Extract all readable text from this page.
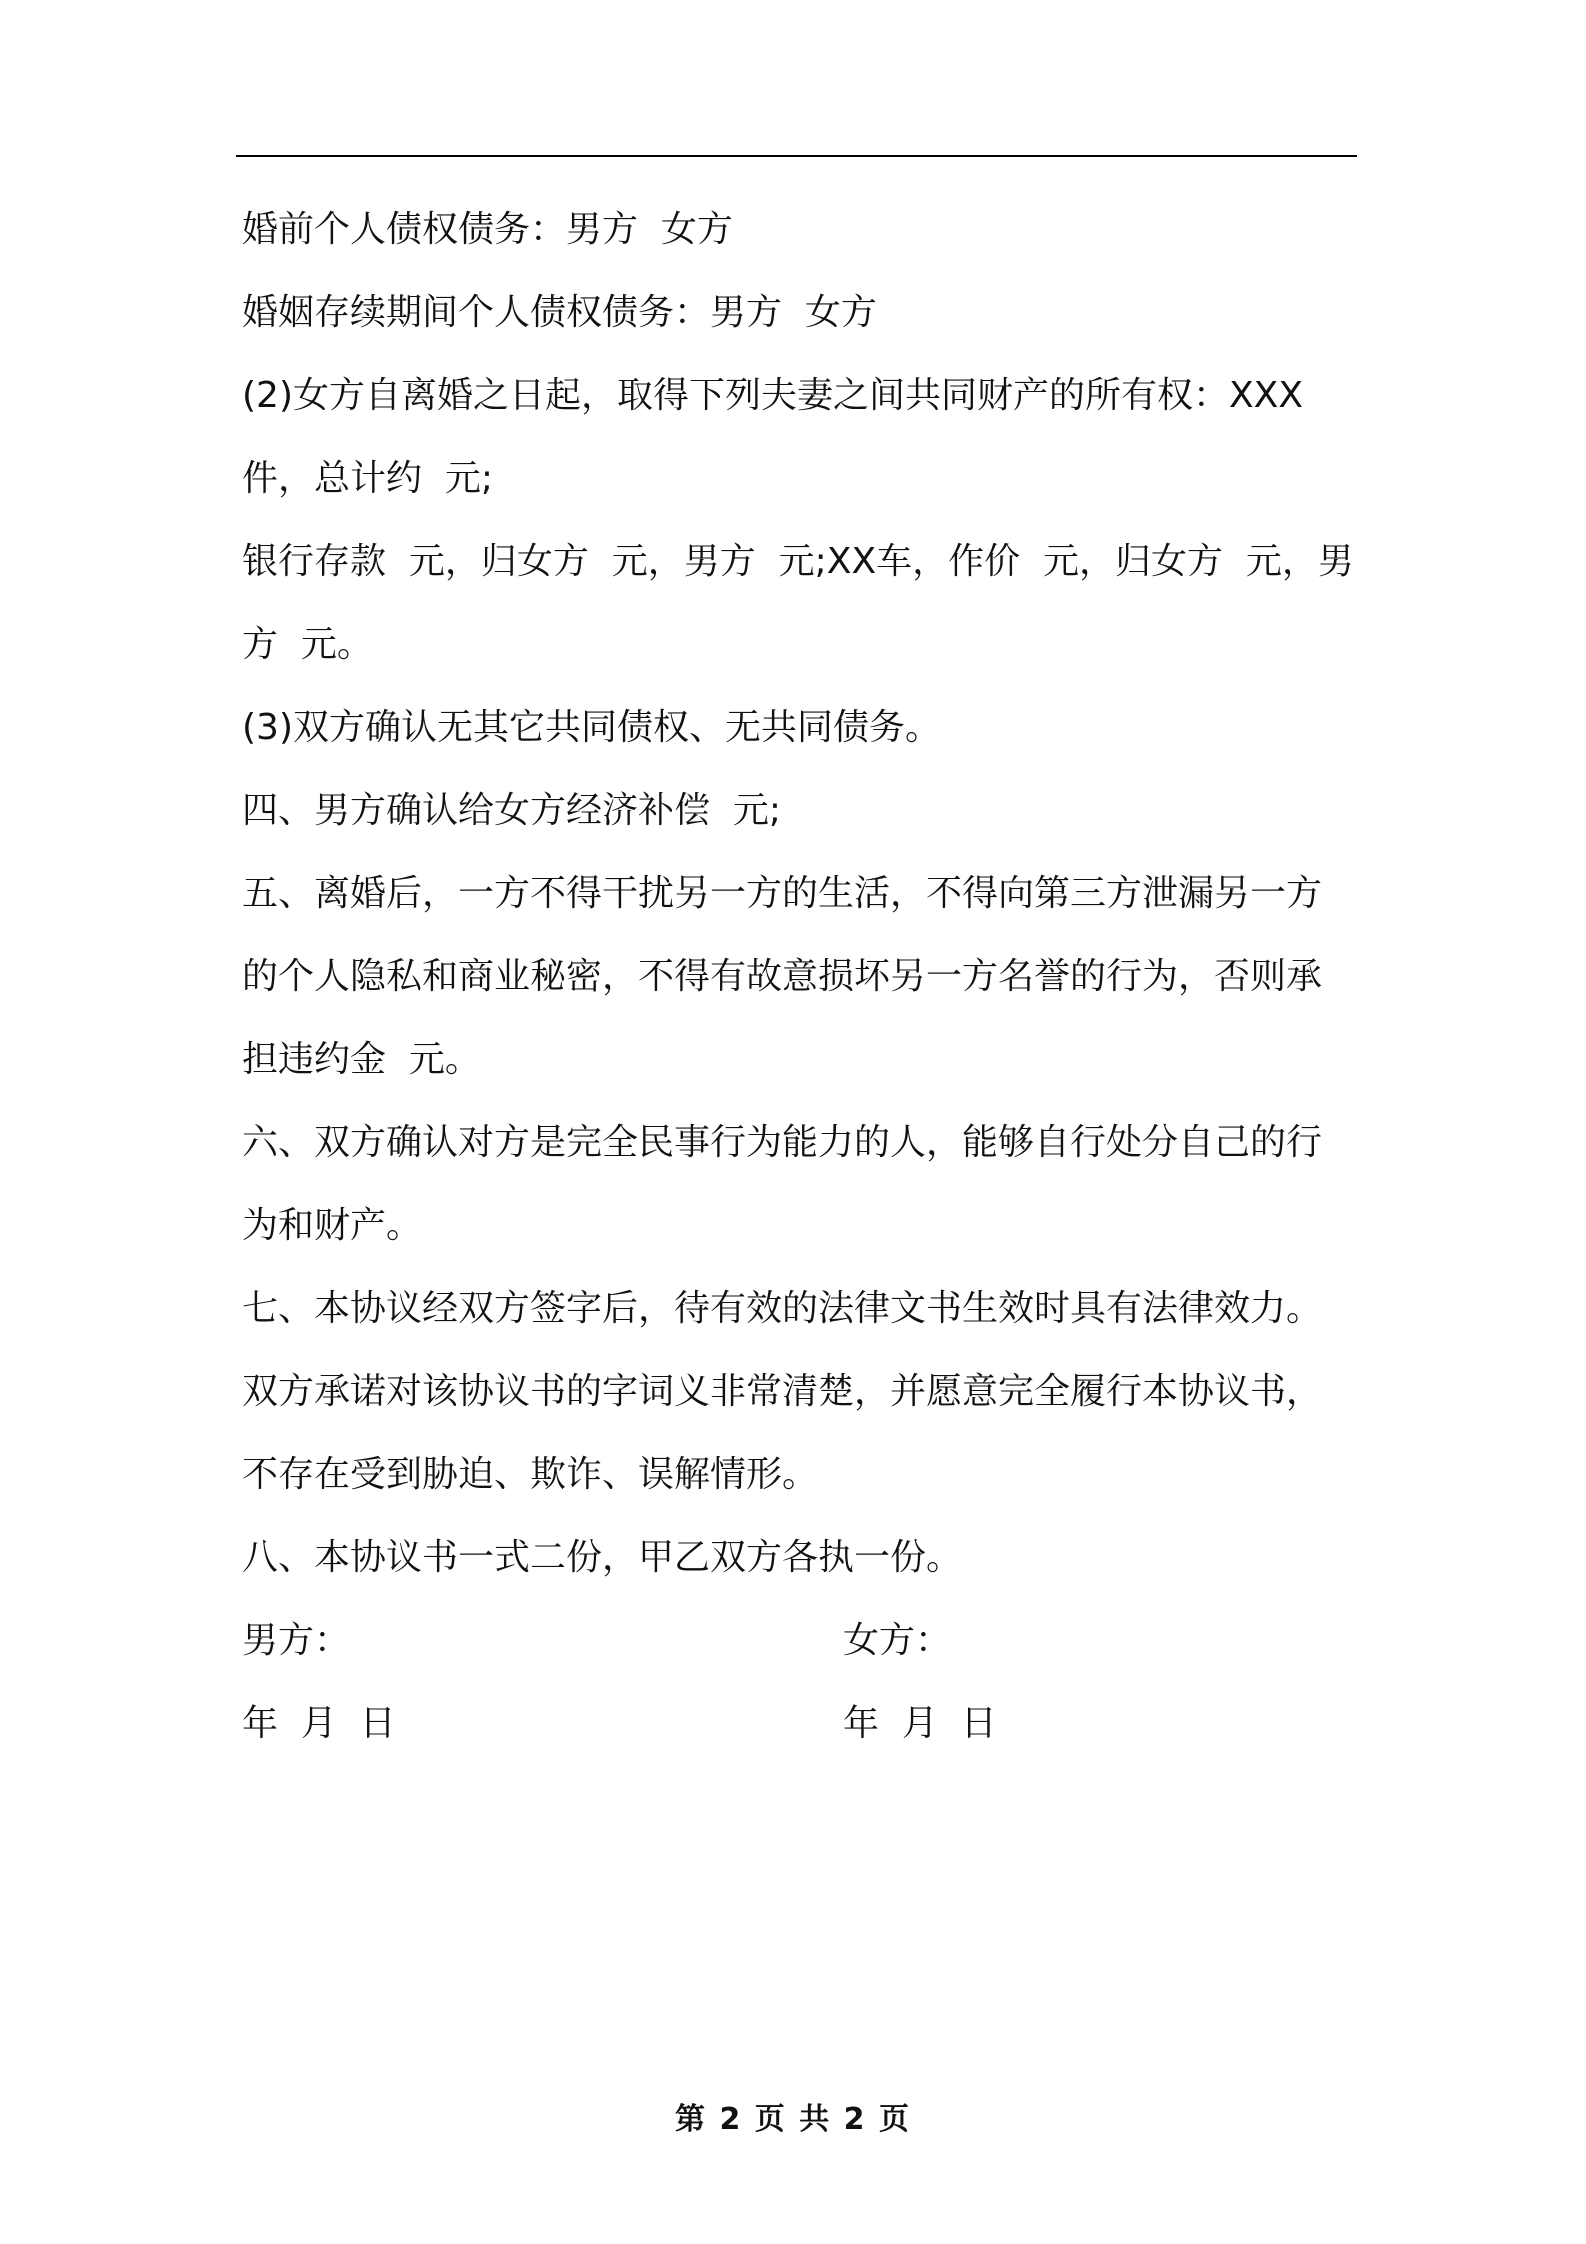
婚前个人债权债务：男方  女方

婚姻存续期间个人债权债务：男方  女方

(2)女方自离婚之日起，取得下列夫妻之间共同财产的所有权：XXX件，总计约  元;

银行存款  元，归女方  元，男方  元;XX车，作价  元，归女方  元，男方  元。

(3)双方确认无其它共同债权、无共同债务。

四、男方确认给女方经济补偿  元;

五、离婚后，一方不得干扰另一方的生活，不得向第三方泄漏另一方的个人隐私和商业秘密，不得有故意损坏另一方名誉的行为，否则承担违约金  元。

六、双方确认对方是完全民事行为能力的人，能够自行处分自己的行为和财产。

七、本协议经双方签字后，待有效的法律文书生效时具有法律效力。

双方承诺对该协议书的字词义非常清楚，并愿意完全履行本协议书，不存在受到胁迫、欺诈、误解情形。

八、本协议书一式二份，甲乙双方各执一份。

男方：	女方：
年  月  日	年  月  日
第 2 页 共 2 页
